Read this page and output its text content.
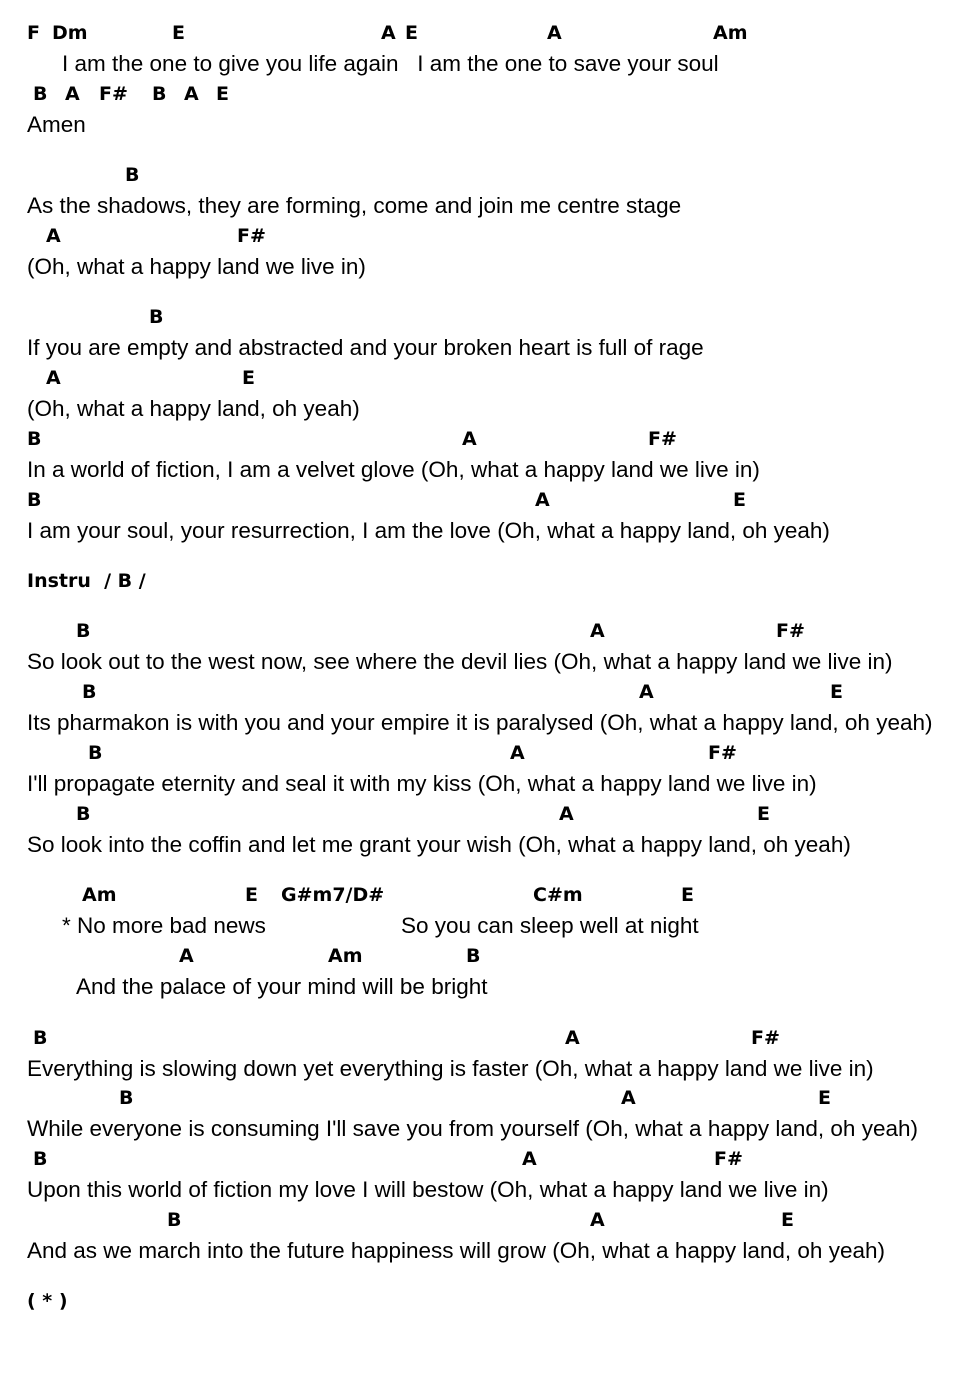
F Dm	E	A E	A	Am
I am the one to give you life again   I am the one to save your soul
B A F# B A E
Amen
B
As the shadows, they are forming, come and join me centre stage
A	F#
(Oh, what a happy land we live in)
B
If you are empty and abstracted and your broken heart is full of rage
A	E
(Oh, what a happy land, oh yeah)
B	A	F#
In a world of fiction, I am a velvet glove (Oh, what a happy land we live in)
B	A	E
I am your soul, your resurrection, I am the love (Oh, what a happy land, oh yeah)
Instru  / B /
B	A	F#
So look out to the west now, see where the devil lies (Oh, what a happy land we live in)
B	A	E
Its pharmakon is with you and your empire it is paralysed (Oh, what a happy land, oh yeah)
B	A	F#
I'll propagate eternity and seal it with my kiss (Oh, what a happy land we live in)
B	A	E
So look into the coffin and let me grant your wish (Oh, what a happy land, oh yeah)
Am	E G#m7/D#	C#m	E
* No more bad news	So you can sleep well at night
A	Am	B
And the palace of your mind will be bright
B	A	F#
Everything is slowing down yet everything is faster (Oh, what a happy land we live in)
B	A	E
While everyone is consuming I'll save you from yourself (Oh, what a happy land, oh yeah)
B	A	F#
Upon this world of fiction my love I will bestow (Oh, what a happy land we live in)
B	A	E
And as we march into the future happiness will grow (Oh, what a happy land, oh yeah)
( * )
